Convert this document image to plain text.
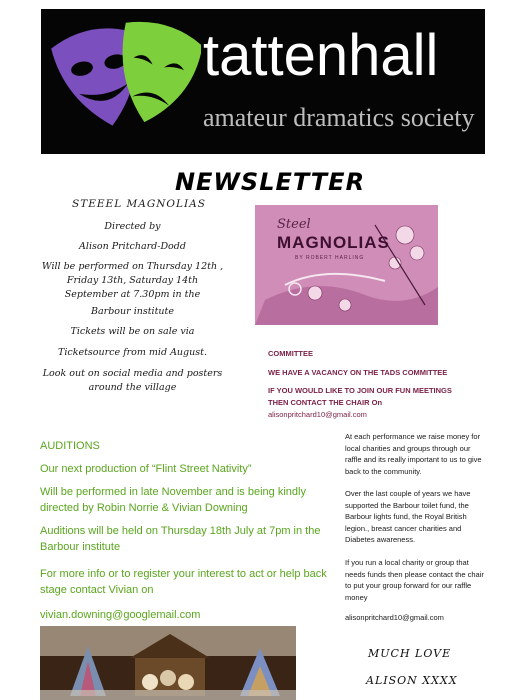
tattenhall
amateur dramatics society
NEWSLETTER
STEEEL MAGNOLIAS
Directed by
Alison Pritchard-Dodd
Will be performed on Thursday 12th , Friday 13th, Saturday 14th September at 7.30pm in the
Barbour institute
Tickets will be on sale via
Ticketsource from mid August.
Look out on social media and posters around the village
Steel
MAGNOLIAS
BY ROBERT HARLING
COMMITTEE
WE HAVE A VACANCY ON THE TADS COMMITTEE
IF YOU WOULD LIKE TO JOIN OUR FUN MEETINGS
THEN CONTACT THE CHAIR On
alisonpritchard10@gmail.com
AUDITIONS
Our next production of “Flint Street Nativity”
Will be performed in late November and is being kindly directed by Robin Norrie & Vivian Downing
Auditions will be held on Thursday 18th July at 7pm in the Barbour institute
For more info or to register your interest to act or help back stage contact Vivian on
vivian.downing@googlemail.com
At each performance we raise money for local charities and groups through our raffle and its really important to us to give back to the community.
Over the last couple of years we have supported the Barbour toilet fund, the Barbour lights fund, the Royal British legion., breast cancer charities and Diabetes awareness.
If you run a local charity or group that needs funds then please contact the chair to put your group forward for our raffle money
alisonpritchard10@gmail.com
MUCH LOVE
ALISON XXXX
